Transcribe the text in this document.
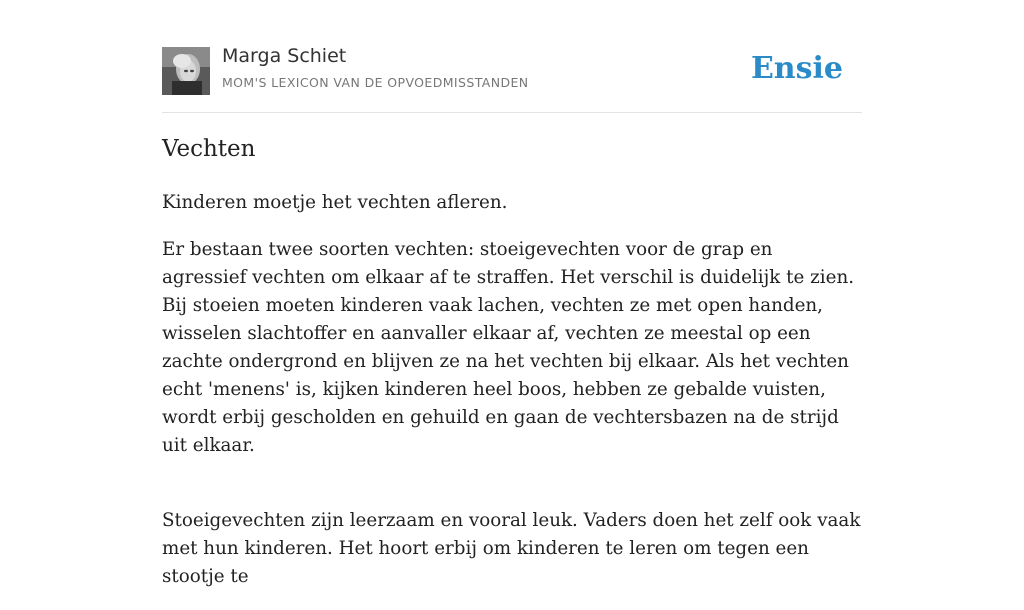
Marga Schiet
MOM'S LEXICON VAN DE OPVOEDMISSTANDEN	Ensie
Vechten

Kinderen moetje het vechten afleren.

Er bestaan twee soorten vechten: stoeigevechten voor de grap en agressief vechten om elkaar af te straffen. Het verschil is duidelijk te zien. Bij stoeien moeten kinderen vaak lachen, vechten ze met open handen, wisselen slachtoffer en aanvaller elkaar af, vechten ze meestal op een zachte ondergrond en blijven ze na het vechten bij elkaar. Als het vechten echt 'menens' is, kijken kinderen heel boos, hebben ze gebalde vuisten, wordt erbij gescholden en gehuild en gaan de vechtersbazen na de strijd uit elkaar.

Stoeigevechten zijn leerzaam en vooral leuk. Vaders doen het zelf ook vaak met hun kinderen. Het hoort erbij om kinderen te leren om tegen een stootje te
